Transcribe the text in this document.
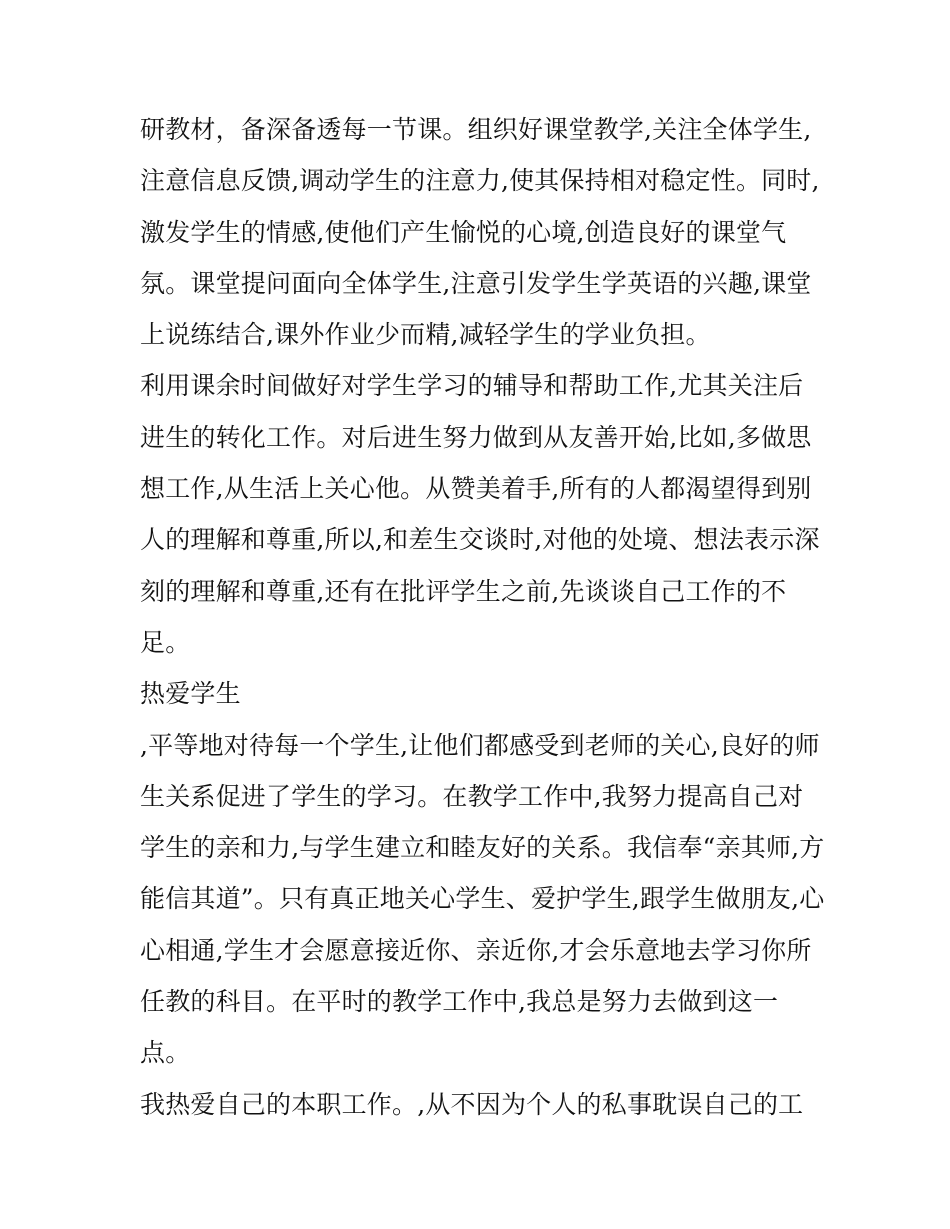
研教材，备深备透每一节课。组织好课堂教学,关注全体学生,
注意信息反馈,调动学生的注意力,使其保持相对稳定性。同时,
激发学生的情感,使他们产生愉悦的心境,创造良好的课堂气
氛。课堂提问面向全体学生,注意引发学生学英语的兴趣,课堂
上说练结合,课外作业少而精,减轻学生的学业负担。
利用课余时间做好对学生学习的辅导和帮助工作,尤其关注后
进生的转化工作。对后进生努力做到从友善开始,比如,多做思
想工作,从生活上关心他。从赞美着手,所有的人都渴望得到别
人的理解和尊重,所以,和差生交谈时,对他的处境、想法表示深
刻的理解和尊重,还有在批评学生之前,先谈谈自己工作的不
足。
热爱学生
,平等地对待每一个学生,让他们都感受到老师的关心,良好的师
生关系促进了学生的学习。在教学工作中,我努力提高自己对
学生的亲和力,与学生建立和睦友好的关系。我信奉“亲其师,方
能信其道”。只有真正地关心学生、爱护学生,跟学生做朋友,心
心相通,学生才会愿意接近你、亲近你,才会乐意地去学习你所
任教的科目。在平时的教学工作中,我总是努力去做到这一
点。
我热爱自己的本职工作。,从不因为个人的私事耽误自己的工
